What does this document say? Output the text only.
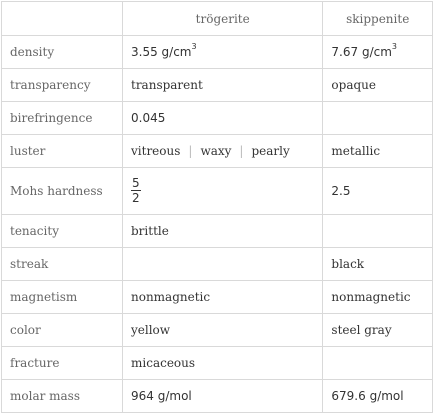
	trögerite	skippenite
density	3.55 $g/cm^3$	7.67 $g/cm^3$
transparency	transparent	opaque
birefringence	0.045	
luster	vitreous | waxy | pearly	metallic
Mohs hardness	$\frac{5}{2}$	2.5
tenacity	brittle	
streak		black
magnetism	nonmagnetic	nonmagnetic
color	yellow	steel gray
fracture	micaceous	
molar mass	964 g/mol	679.6 g/mol
